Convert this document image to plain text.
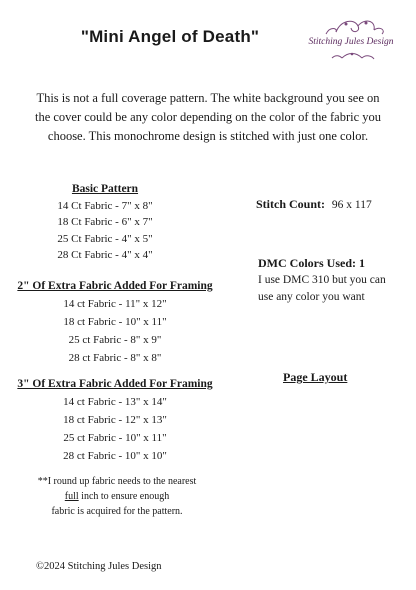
"Mini Angel of Death"	Stitching Jules Design
This is not a full coverage pattern. The white background you see on the cover could be any color depending on the color of the fabric you choose. This monochrome design is stitched with just one color.
Basic Pattern
14 Ct Fabric - 7" x 8"
18 Ct Fabric - 6" x 7"
25 Ct Fabric - 4" x 5"
28 Ct Fabric - 4" x 4"
2" Of Extra Fabric Added For Framing
14 ct Fabric - 11" x 12"
18 ct Fabric - 10" x 11"
25 ct Fabric - 8" x 9"
28 ct Fabric - 8" x 8"
3" Of Extra Fabric Added For Framing
14 ct Fabric - 13" x 14"
18 ct Fabric - 12" x 13"
25 ct Fabric - 10" x 11"
28 ct Fabric - 10" x 10"
Stitch Count: 96 x 117
DMC Colors Used: 1
I use DMC 310 but you can
use any color you want
Page Layout
**I round up fabric needs to the nearest
full inch to ensure enough
fabric is acquired for the pattern.
©2024 Stitching Jules Design
